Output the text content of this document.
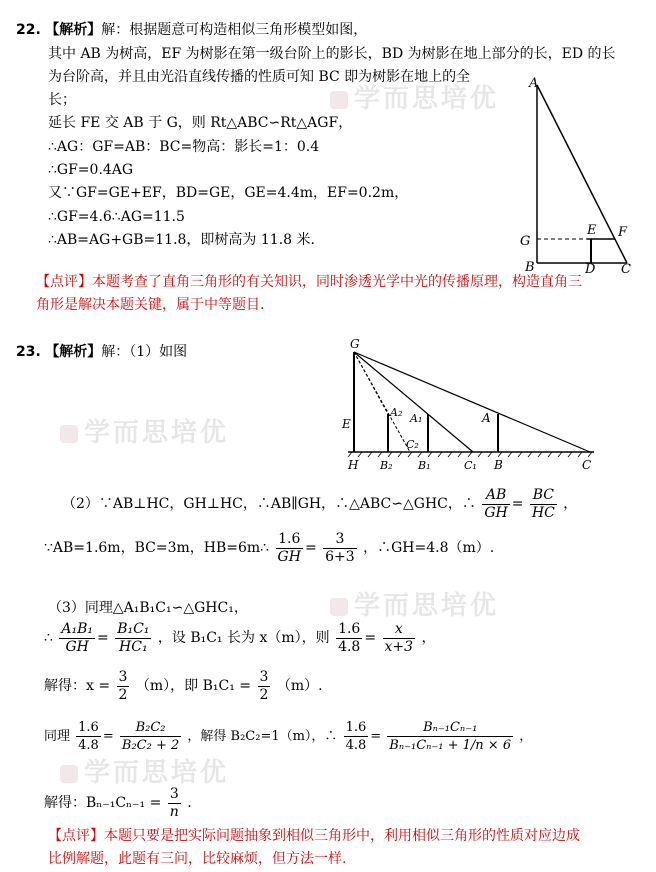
学而思培优
学而思培优
学而思培优
学而思培优
22. 【解析】解：根据题意可构造相似三角形模型如图，
其中 AB 为树高，EF 为树影在第一级台阶上的影长，BD 为树影在地上部分的长，ED 的长
为台阶高，并且由光沿直线传播的性质可知 BC 即为树影在地上的全
长；
延长 FE 交 AB 于 G，则 Rt△ABC∽Rt△AGF，
∴AG：GF=AB：BC=物高：影长=1：0.4
∴GF=0.4AG
又∵GF=GE+EF，BD=GE，GE=4.4m，EF=0.2m，
∴GF=4.6∴AG=11.5
∴AB=AG+GB=11.8，即树高为 11.8 米.
【点评】本题考查了直角三角形的有关知识，同时渗透光学中光的传播原理，构造直角三
角形是解决本题关键，属于中等题目.
A
G
E F
B	D C
23. 【解析】解：（1）如图	G
E
A₂ A₁	A
C₂
H B₂ B₁	C₁ B	C
（2）∵AB⊥HC，GH⊥HC，∴AB∥GH，∴△ABC∽△GHC，∴ $\frac{AB}{GH} = \frac{BC}{HC}$ ，
∵AB=1.6m，BC=3m，HB=6m∴ $\frac{1.6}{GH} = \frac{3}{6+3}$ ，∴GH=4.8（m）.
（3）同理△A₁B₁C₁∽△GHC₁，
∴ $\frac{\text{A₁B₁}}{GH} = \frac{\text{B₁C₁}}{\text{HC₁}}$ ，设 B₁C₁ 长为 x（m），则 $\frac{1.6}{4.8} = \frac{x}{x+3}$ ，
解得：$x = \frac{3}{2} (m)$，即 $B_1C_1 = \frac{3}{2} (m)$.
同理 $\frac{1.6}{4.8} = \frac{\text{B₂C₂}}{\text{B₂C₂ + 2}}$ ，解得 B₂C₂=1（m），∴ $\frac{1.6}{4.8} = \frac{\text{Bₙ₋₁Cₙ₋₁}}{\text{Bₙ₋₁Cₙ₋₁ + 1/n × 6}}$ ，
解得：$B_{n-1}C_{n-1} = \frac{3}{n}$ .
【点评】本题只要是把实际问题抽象到相似三角形中，利用相似三角形的性质对应边成
比例解题，此题有三问，比较麻烦，但方法一样.
